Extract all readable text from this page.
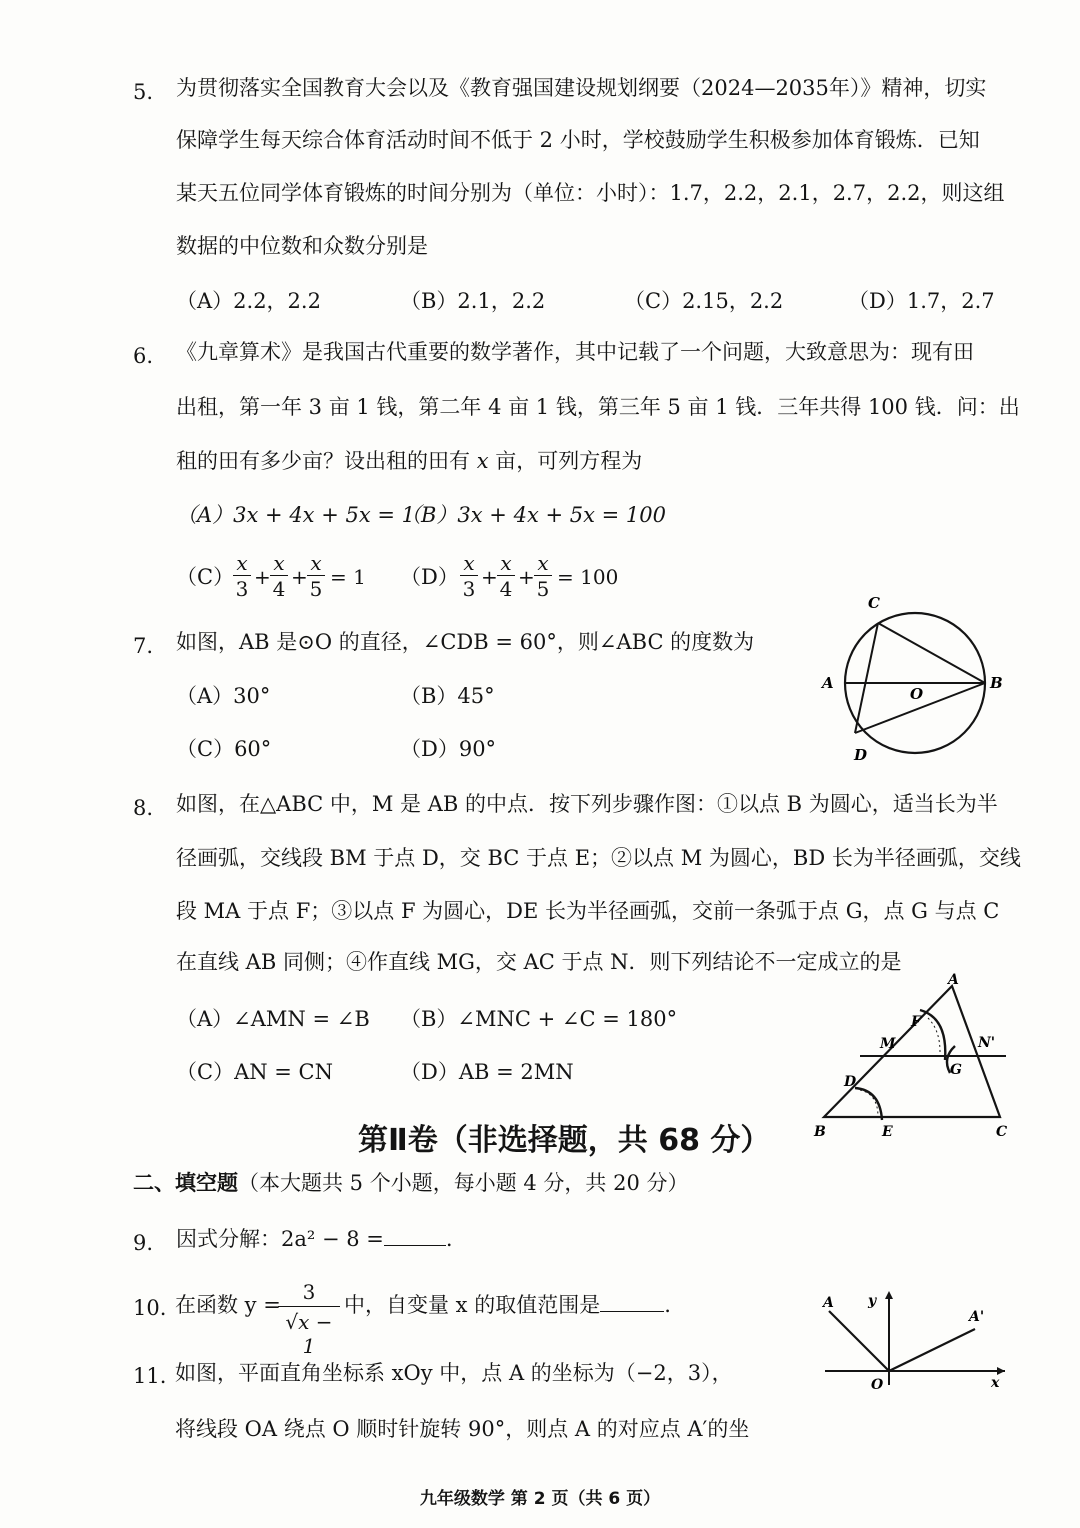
5. 为贯彻落实全国教育大会以及《教育强国建设规划纲要（2024—2035年）》精神，切实
保障学生每天综合体育活动时间不低于 2 小时，学校鼓励学生积极参加体育锻炼．已知
某天五位同学体育锻炼的时间分别为（单位：小时）：1.7，2.2，2.1，2.7，2.2，则这组
数据的中位数和众数分别是
（A）2.2，2.2	（B）2.1，2.2	（C）2.15，2.2	（D）1.7，2.7
6. 《九章算术》是我国古代重要的数学著作，其中记载了一个问题，大致意思为：现有田
出租，第一年 3 亩 1 钱，第二年 4 亩 1 钱，第三年 5 亩 1 钱．三年共得 100 钱．问：出
租的田有多少亩？设出租的田有 x 亩，可列方程为
（A）3x + 4x + 5x = 1
（B）3x + 4x + 5x = 100
（C）
$\frac{x}{3} + \frac{x}{4} + \frac{x}{5} = 1$ $(D) \frac{x}{3} + \frac{x}{4} + \frac{x}{5} = 100$
7. 如图，AB 是⊙O 的直径，∠CDB = 60°，则∠ABC 的度数为
（A）30°	（B）45°
（C）60°	（D）90°
C
A
O
B
D
8. 如图，在△ABC 中，M 是 AB 的中点．按下列步骤作图：①以点 B 为圆心，适当长为半
径画弧，交线段 BM 于点 D，交 BC 于点 E；②以点 M 为圆心，BD 长为半径画弧，交线
段 MA 于点 F；③以点 F 为圆心，DE 长为半径画弧，交前一条弧于点 G，点 G 与点 C
在直线 AB 同侧；④作直线 MG，交 AC 于点 N．则下列结论不一定成立的是
（A）∠AMN = ∠B （B）∠MNC + ∠C = 180°
（C）AN = CN	（D）AB = 2MN
A
F
M	N'
G
D
B	E	C
第Ⅱ卷（非选择题，共 68 分）
二、填空题（本大题共 5 个小题，每小题 4 分，共 20 分）
9. 因式分解：2a² − 8 =	.
10. 在函数 y =
$\frac{3}{√x - 1}$ 中，自变量 x 的取值范围是	.
11. 如图，平面直角坐标系 xOy 中，点 A 的坐标为（−2，3），
将线段 OA 绕点 O 顺时针旋转 90°，则点 A 的对应点 A′的坐
A y
A'
O	x
九年级数学 第 2 页（共 6 页）
